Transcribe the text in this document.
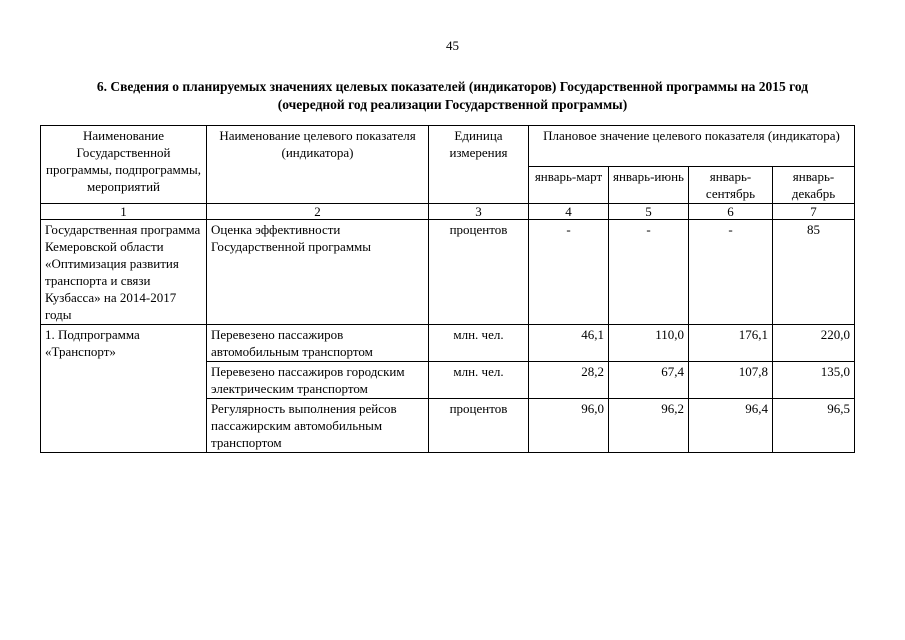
45
6. Сведения о планируемых значениях целевых показателей (индикаторов) Государственной программы на 2015 год
(очередной год реализации Государственной программы)
Наименование Государственной программы, подпрограммы, мероприятий	Наименование целевого показателя (индикатора)	Единица измерения	Плановое значение целевого показателя (индикатора)			
			январь-март	январь-июнь	январь-сентябрь	январь-декабрь
1	2	3	4	5	6	7
Государственная программа Кемеровской области «Оптимизация развития транспорта и связи Кузбасса» на 2014-2017 годы	Оценка эффективности Государственной программы	процентов	-	-	-	85
1. Подпрограмма «Транспорт»	Перевезено пассажиров автомобильным транспортом	млн. чел.	46,1	110,0	176,1	220,0
	Перевезено пассажиров городским электрическим транспортом	млн. чел.	28,2	67,4	107,8	135,0
	Регулярность выполнения рейсов пассажирским автомобильным транспортом	процентов	96,0	96,2	96,4	96,5
